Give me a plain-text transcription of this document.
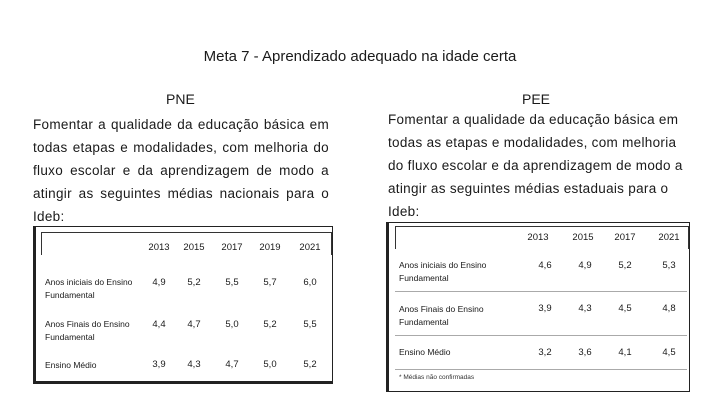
Meta 7 - Aprendizado adequado na idade certa
PNE
Fomentar a qualidade da educação básica em todas etapas e modalidades, com melhoria do fluxo escolar e da aprendizagem de modo a atingir as seguintes médias nacionais para o Ideb:
2013	2015	2017	2019	2021
Anos iniciais do Ensino Fundamental
4,9	5,2	5,5	5,7	6,0
Anos Finais do Ensino Fundamental
4,4	4,7	5,0	5,2	5,5
Ensino Médio	3,9	4,3	4,7	5,0	5,2
PEE
Fomentar a qualidade da educação básica em todas as etapas e modalidades, com melhoria do fluxo escolar e da aprendizagem de modo a atingir as seguintes médias estaduais para o Ideb:
2013	2015	2017	2021
Anos iniciais do Ensino Fundamental
4,6	4,9	5,2	5,3
Anos Finais do Ensino Fundamental
3,9	4,3	4,5	4,8
Ensino Médio	3,2	3,6	4,1	4,5
* Médias não confirmadas
